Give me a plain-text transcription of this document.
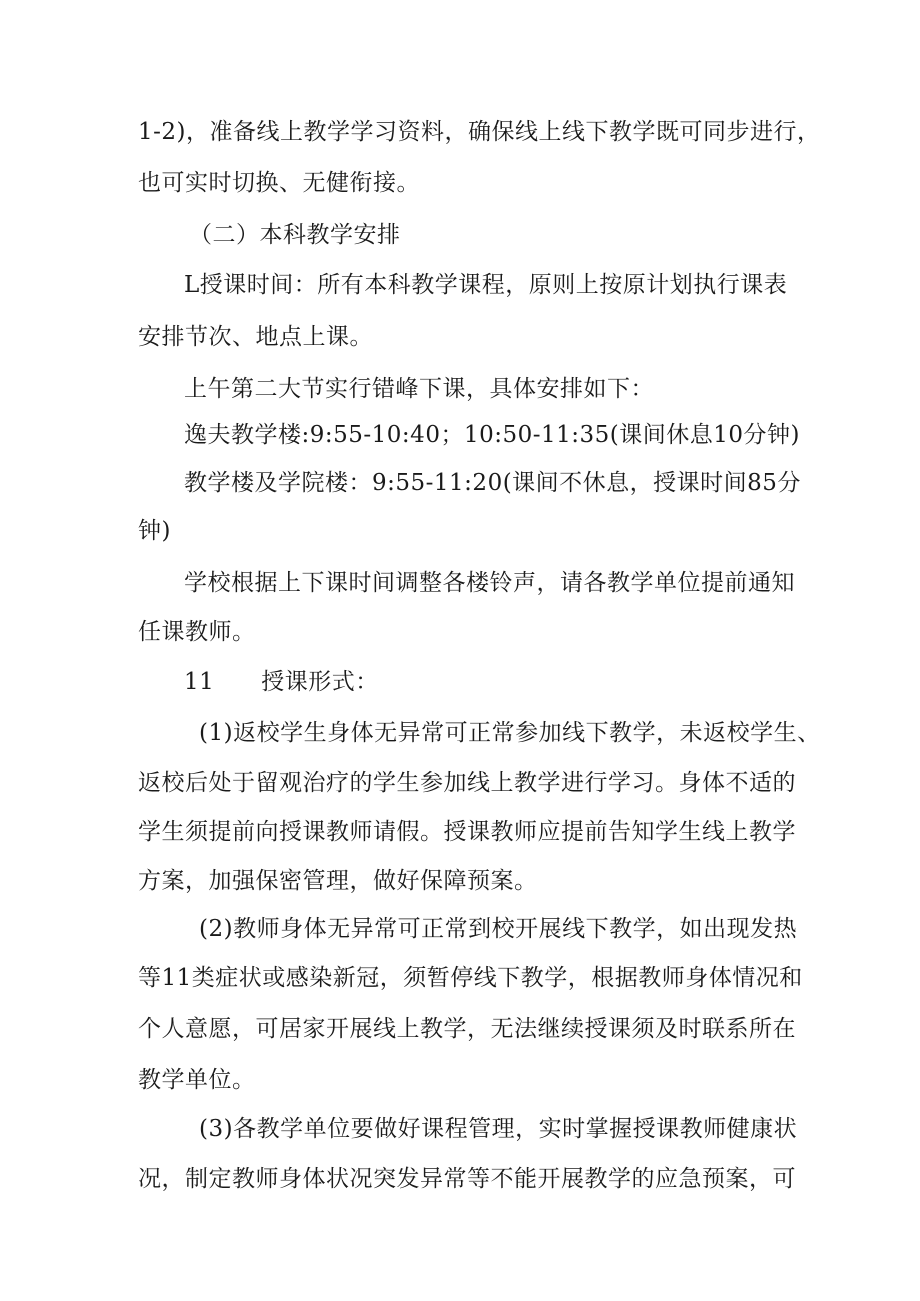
1-2)，准备线上教学学习资料，确保线上线下教学既可同步进行，
也可实时切换、无健衔接。
（二）本科教学安排
L授课时间：所有本科教学课程，原则上按原计划执行课表
安排节次、地点上课。
上午第二大节实行错峰下课，具体安排如下：
逸夫教学楼:9:55-10:40；10:50-11:35(课间休息10分钟)
教学楼及学院楼：9:55-11:20(课间不休息，授课时间85分
钟)
学校根据上下课时间调整各楼铃声，请各教学单位提前通知
任课教师。
11　　授课形式：
(1)返校学生身体无异常可正常参加线下教学，未返校学生、
返校后处于留观治疗的学生参加线上教学进行学习。身体不适的
学生须提前向授课教师请假。授课教师应提前告知学生线上教学
方案，加强保密管理，做好保障预案。
(2)教师身体无异常可正常到校开展线下教学，如出现发热
等11类症状或感染新冠，须暂停线下教学，根据教师身体情况和
个人意愿，可居家开展线上教学，无法继续授课须及时联系所在
教学单位。
(3)各教学单位要做好课程管理，实时掌握授课教师健康状
况，制定教师身体状况突发异常等不能开展教学的应急预案，可
